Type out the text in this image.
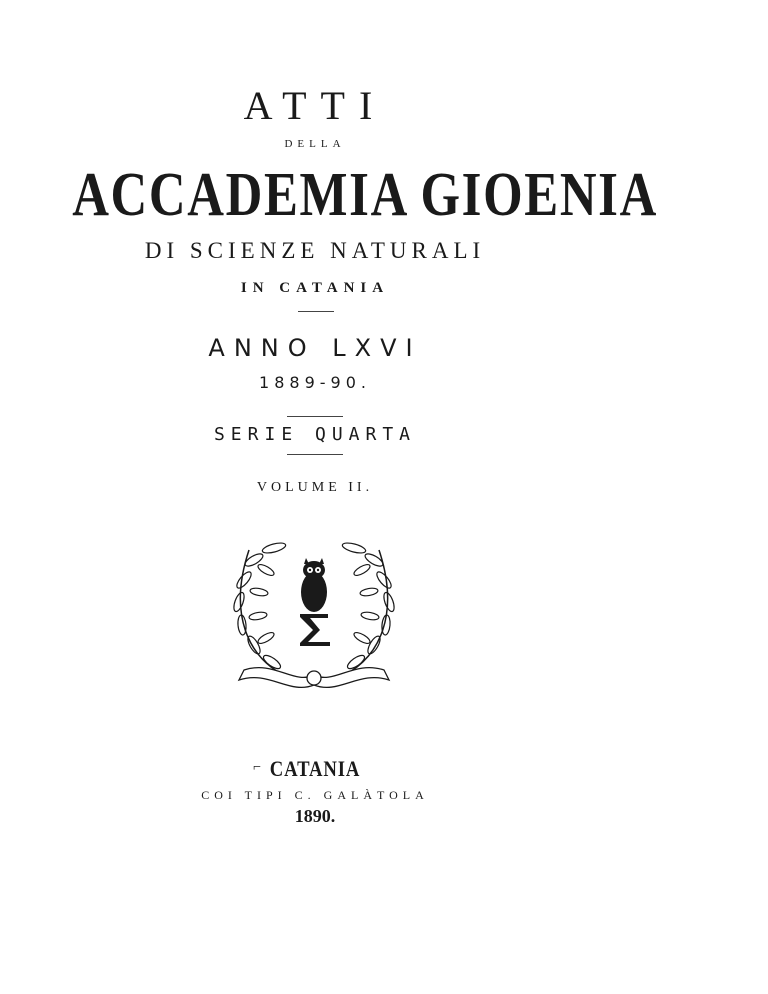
ATTI
DELLA
ACCADEMIA GIOENIA
DI SCIENZE NATURALI
IN CATANIA
ANNO LXVI
1889-90.
SERIE QUARTA
VOLUME II.
⌐ CATANIA
COI TIPI C. GALÀTOLA
1890.
